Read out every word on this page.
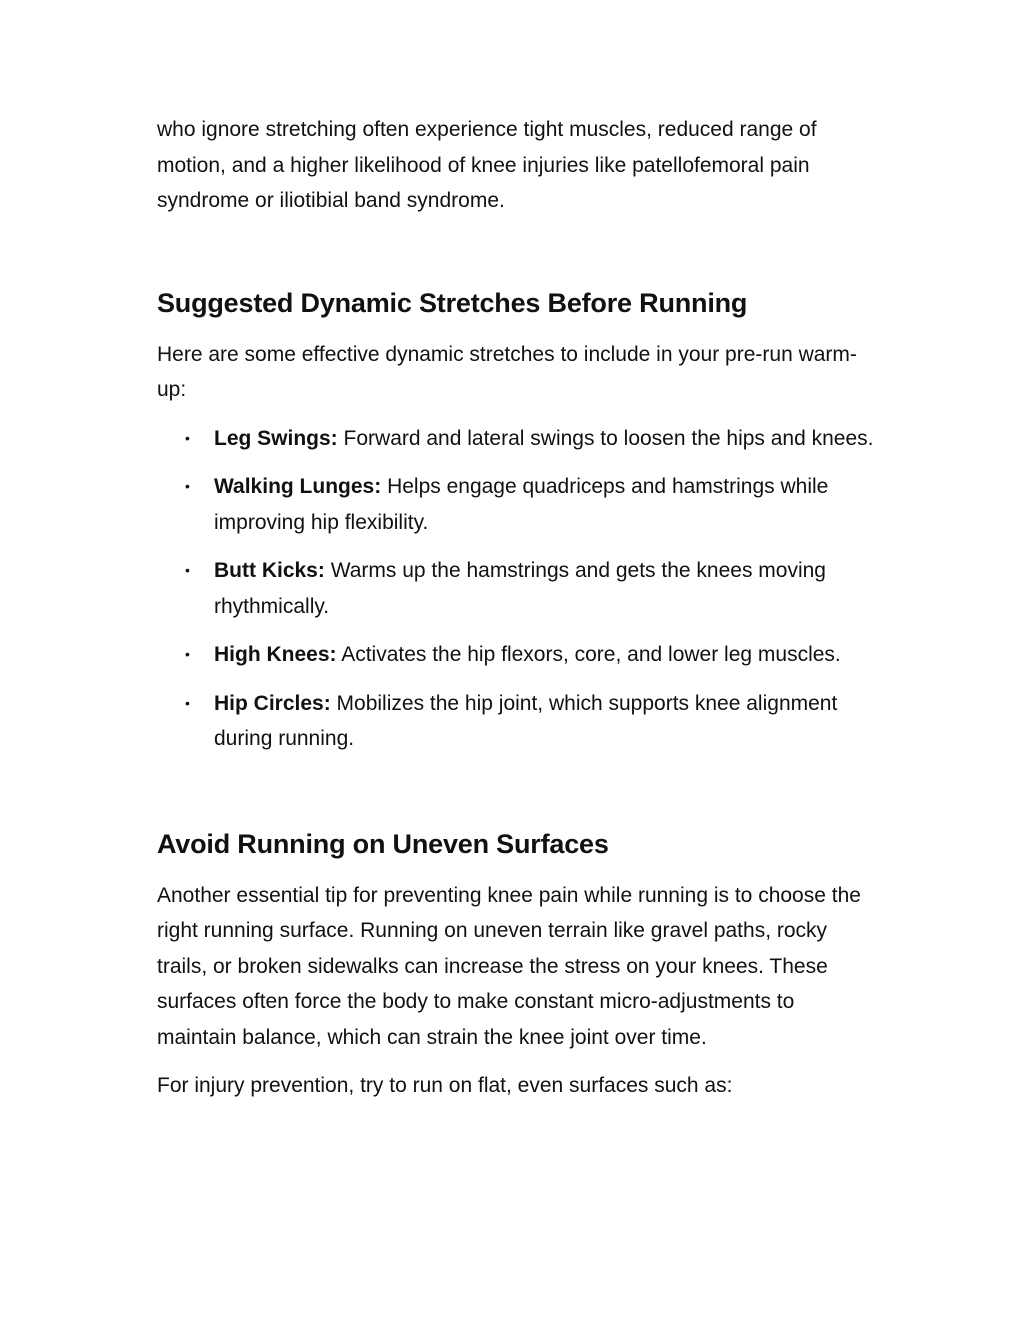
who ignore stretching often experience tight muscles, reduced range of motion, and a higher likelihood of knee injuries like patellofemoral pain syndrome or iliotibial band syndrome.

Suggested Dynamic Stretches Before Running

Here are some effective dynamic stretches to include in your pre-run warm-up:

• Leg Swings: Forward and lateral swings to loosen the hips and knees.
• Walking Lunges: Helps engage quadriceps and hamstrings while improving hip flexibility.
• Butt Kicks: Warms up the hamstrings and gets the knees moving rhythmically.
• High Knees: Activates the hip flexors, core, and lower leg muscles.
• Hip Circles: Mobilizes the hip joint, which supports knee alignment during running.
Avoid Running on Uneven Surfaces

Another essential tip for preventing knee pain while running is to choose the right running surface. Running on uneven terrain like gravel paths, rocky trails, or broken sidewalks can increase the stress on your knees. These surfaces often force the body to make constant micro-adjustments to maintain balance, which can strain the knee joint over time.

For injury prevention, try to run on flat, even surfaces such as:
